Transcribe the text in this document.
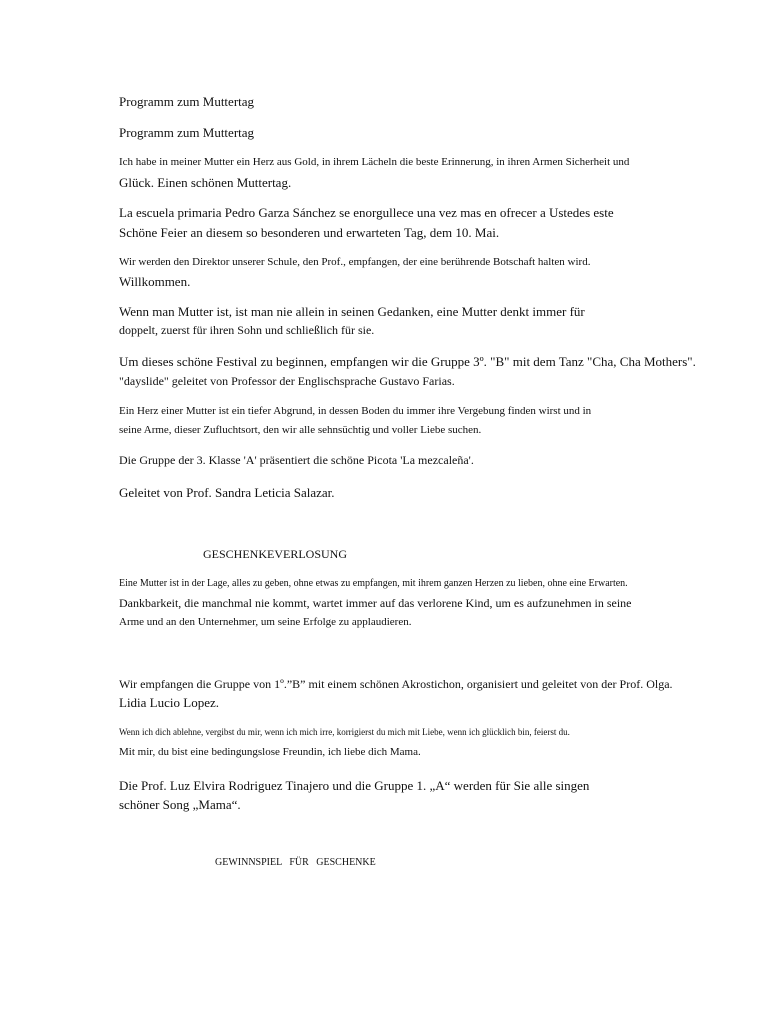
Programm zum Muttertag
Programm zum Muttertag
Ich habe in meiner Mutter ein Herz aus Gold, in ihrem Lächeln die beste Erinnerung, in ihren Armen Sicherheit und
Glück. Einen schönen Muttertag.
La escuela primaria Pedro Garza Sánchez se enorgullece una vez mas en ofrecer a Ustedes este
Schöne Feier an diesem so besonderen und erwarteten Tag, dem 10. Mai.
Wir werden den Direktor unserer Schule, den Prof., empfangen, der eine berührende Botschaft halten wird.
Willkommen.
Wenn man Mutter ist, ist man nie allein in seinen Gedanken, eine Mutter denkt immer für
doppelt, zuerst für ihren Sohn und schließlich für sie.
Um dieses schöne Festival zu beginnen, empfangen wir die Gruppe 3º. "B" mit dem Tanz "Cha, Cha Mothers".
"dayslide" geleitet von Professor der Englischsprache Gustavo Farias.
Ein Herz einer Mutter ist ein tiefer Abgrund, in dessen Boden du immer ihre Vergebung finden wirst und in
seine Arme, dieser Zufluchtsort, den wir alle sehnsüchtig und voller Liebe suchen.
Die Gruppe der 3. Klasse 'A' präsentiert die schöne Picota 'La mezcaleña'.
Geleitet von Prof. Sandra Leticia Salazar.
GESCHENKEVERLOSUNG
Eine Mutter ist in der Lage, alles zu geben, ohne etwas zu empfangen, mit ihrem ganzen Herzen zu lieben, ohne eine Erwarten.
Dankbarkeit, die manchmal nie kommt, wartet immer auf das verlorene Kind, um es aufzunehmen in seine
Arme und an den Unternehmer, um seine Erfolge zu applaudieren.
Wir empfangen die Gruppe von 1º.”B” mit einem schönen Akrostichon, organisiert und geleitet von der Prof. Olga.
Lidia Lucio Lopez.
Wenn ich dich ablehne, vergibst du mir, wenn ich mich irre, korrigierst du mich mit Liebe, wenn ich glücklich bin, feierst du.
Mit mir, du bist eine bedingungslose Freundin, ich liebe dich Mama.
Die Prof. Luz Elvira Rodriguez Tinajero und die Gruppe 1. „A“ werden für Sie alle singen
schöner Song „Mama“.
GEWINNSPIEL   FÜR   GESCHENKE
